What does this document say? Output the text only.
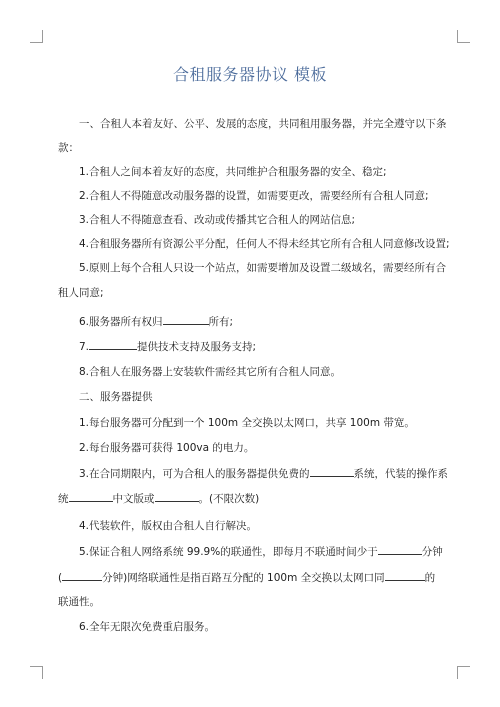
合租服务器协议 模板
一、合租人本着友好、公平、发展的态度，共同租用服务器，并完全遵守以下条
款：
1.合租人之间本着友好的态度，共同维护合租服务器的安全、稳定;
2.合租人不得随意改动服务器的设置，如需要更改，需要经所有合租人同意;
3.合租人不得随意查看、改动或传播其它合租人的网站信息;
4.合租服务器所有资源公平分配，任何人不得未经其它所有合租人同意修改设置;
5.原则上每个合租人只设一个站点，如需要增加及设置二级域名，需要经所有合
租人同意;
6.服务器所有权归	所有;
7.	提供技术支持及服务支持;
8.合租人在服务器上安装软件需经其它所有合租人同意。
二、服务器提供
1.每台服务器可分配到一个 100m 全交换以太网口，共享 100m 带宽。
2.每台服务器可获得 100va 的电力。
3.在合同期限内，可为合租人的服务器提供免费的	系统，代装的操作系
统	中文版或	。(不限次数)
4.代装软件，版权由合租人自行解决。
5.保证合租人网络系统 99.9%的联通性，即每月不联通时间少于	分钟
(	分钟)网络联通性是指百路互分配的 100m 全交换以太网口同	的
联通性。
6.全年无限次免费重启服务。
